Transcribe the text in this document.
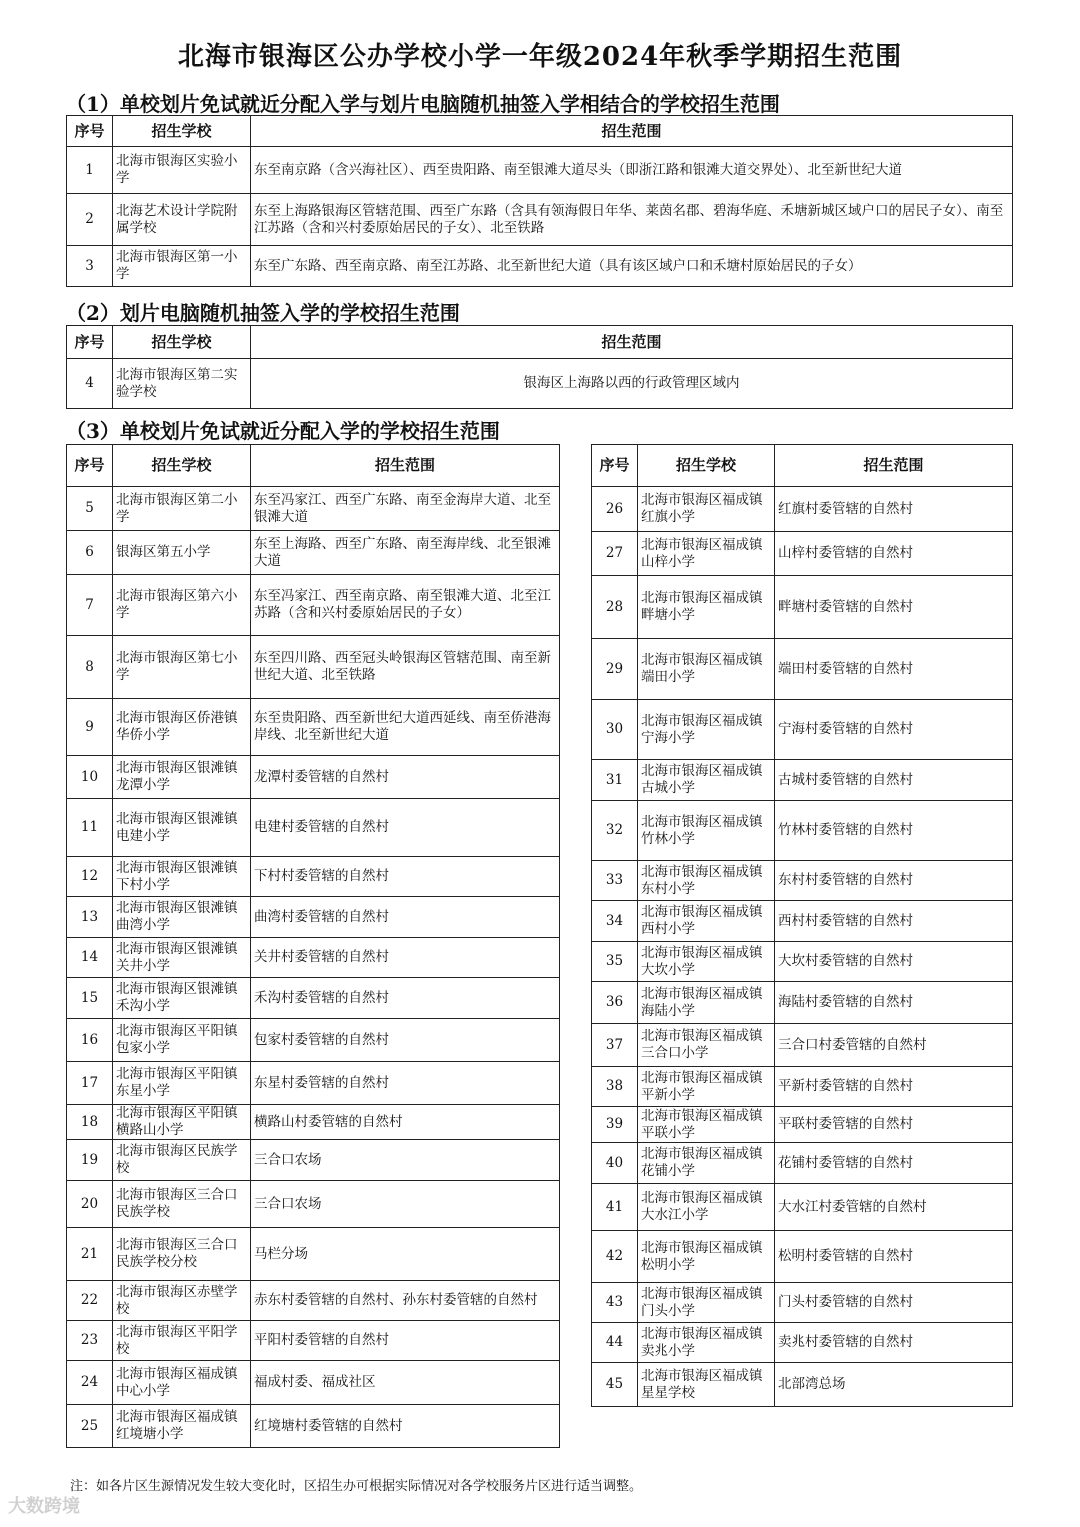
北海市银海区公办学校小学一年级2024年秋季学期招生范围
（1）单校划片免试就近分配入学与划片电脑随机抽签入学相结合的学校招生范围
序号	招生学校	招生范围
1	北海市银海区实验小学	东至南京路（含兴海社区）、西至贵阳路、南至银滩大道尽头（即浙江路和银滩大道交界处）、北至新世纪大道
2	北海艺术设计学院附属学校	东至上海路银海区管辖范围、西至广东路（含具有领海假日年华、莱茵名郡、碧海华庭、禾塘新城区域户口的居民子女）、南至江苏路（含和兴村委原始居民的子女）、北至铁路
3	北海市银海区第一小学	东至广东路、西至南京路、南至江苏路、北至新世纪大道（具有该区域户口和禾塘村原始居民的子女）
（2）划片电脑随机抽签入学的学校招生范围
序号	招生学校	招生范围
4	北海市银海区第二实验学校	银海区上海路以西的行政管理区域内
（3）单校划片免试就近分配入学的学校招生范围
序号	招生学校	招生范围
5	北海市银海区第二小学	东至冯家江、西至广东路、南至金海岸大道、北至银滩大道
6	银海区第五小学	东至上海路、西至广东路、南至海岸线、北至银滩大道
7	北海市银海区第六小学	东至冯家江、西至南京路、南至银滩大道、北至江苏路（含和兴村委原始居民的子女）
8	北海市银海区第七小学	东至四川路、西至冠头岭银海区管辖范围、南至新世纪大道、北至铁路
9	北海市银海区侨港镇华侨小学	东至贵阳路、西至新世纪大道西延线、南至侨港海岸线、北至新世纪大道
10	北海市银海区银滩镇龙潭小学	龙潭村委管辖的自然村
11	北海市银海区银滩镇电建小学	电建村委管辖的自然村
12	北海市银海区银滩镇下村小学	下村村委管辖的自然村
13	北海市银海区银滩镇曲湾小学	曲湾村委管辖的自然村
14	北海市银海区银滩镇关井小学	关井村委管辖的自然村
15	北海市银海区银滩镇禾沟小学	禾沟村委管辖的自然村
16	北海市银海区平阳镇包家小学	包家村委管辖的自然村
17	北海市银海区平阳镇东星小学	东星村委管辖的自然村
18	北海市银海区平阳镇横路山小学	横路山村委管辖的自然村
19	北海市银海区民族学校	三合口农场
20	北海市银海区三合口民族学校	三合口农场
21	北海市银海区三合口民族学校分校	马栏分场
22	北海市银海区赤壁学校	赤东村委管辖的自然村、孙东村委管辖的自然村
23	北海市银海区平阳学校	平阳村委管辖的自然村
24	北海市银海区福成镇中心小学	福成村委、福成社区
25	北海市银海区福成镇红境塘小学	红境塘村委管辖的自然村
序号	招生学校	招生范围
26	北海市银海区福成镇红旗小学	红旗村委管辖的自然村
27	北海市银海区福成镇山梓小学	山梓村委管辖的自然村
28	北海市银海区福成镇畔塘小学	畔塘村委管辖的自然村
29	北海市银海区福成镇端田小学	端田村委管辖的自然村
30	北海市银海区福成镇宁海小学	宁海村委管辖的自然村
31	北海市银海区福成镇古城小学	古城村委管辖的自然村
32	北海市银海区福成镇竹林小学	竹林村委管辖的自然村
33	北海市银海区福成镇东村小学	东村村委管辖的自然村
34	北海市银海区福成镇西村小学	西村村委管辖的自然村
35	北海市银海区福成镇大坎小学	大坎村委管辖的自然村
36	北海市银海区福成镇海陆小学	海陆村委管辖的自然村
37	北海市银海区福成镇三合口小学	三合口村委管辖的自然村
38	北海市银海区福成镇平新小学	平新村委管辖的自然村
39	北海市银海区福成镇平联小学	平联村委管辖的自然村
40	北海市银海区福成镇花铺小学	花铺村委管辖的自然村
41	北海市银海区福成镇大水江小学	大水江村委管辖的自然村
42	北海市银海区福成镇松明小学	松明村委管辖的自然村
43	北海市银海区福成镇门头小学	门头村委管辖的自然村
44	北海市银海区福成镇卖兆小学	卖兆村委管辖的自然村
45	北海市银海区福成镇星星学校	北部湾总场
注：如各片区生源情况发生较大变化时，区招生办可根据实际情况对各学校服务片区进行适当调整。
大数跨境
